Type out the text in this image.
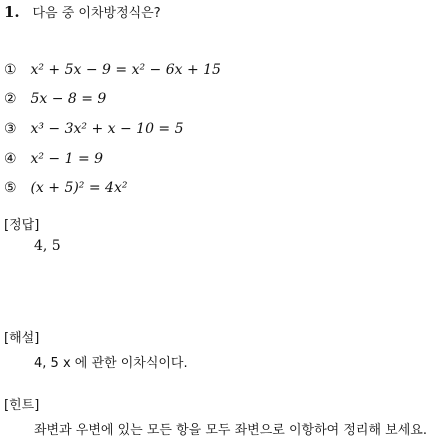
1. 다음 중 이차방정식은?
① x² + 5x − 9 = x² − 6x + 15
② 5x − 8 = 9
③ x³ − 3x² + x − 10 = 5
④ x² − 1 = 9
⑤ (x + 5)² = 4x²
[정답]
4, 5
[해설]
4, 5 x 에 관한 이차식이다.
[힌트]
좌변과 우변에 있는 모든 항을 모두 좌변으로 이항하여 정리해 보세요.
